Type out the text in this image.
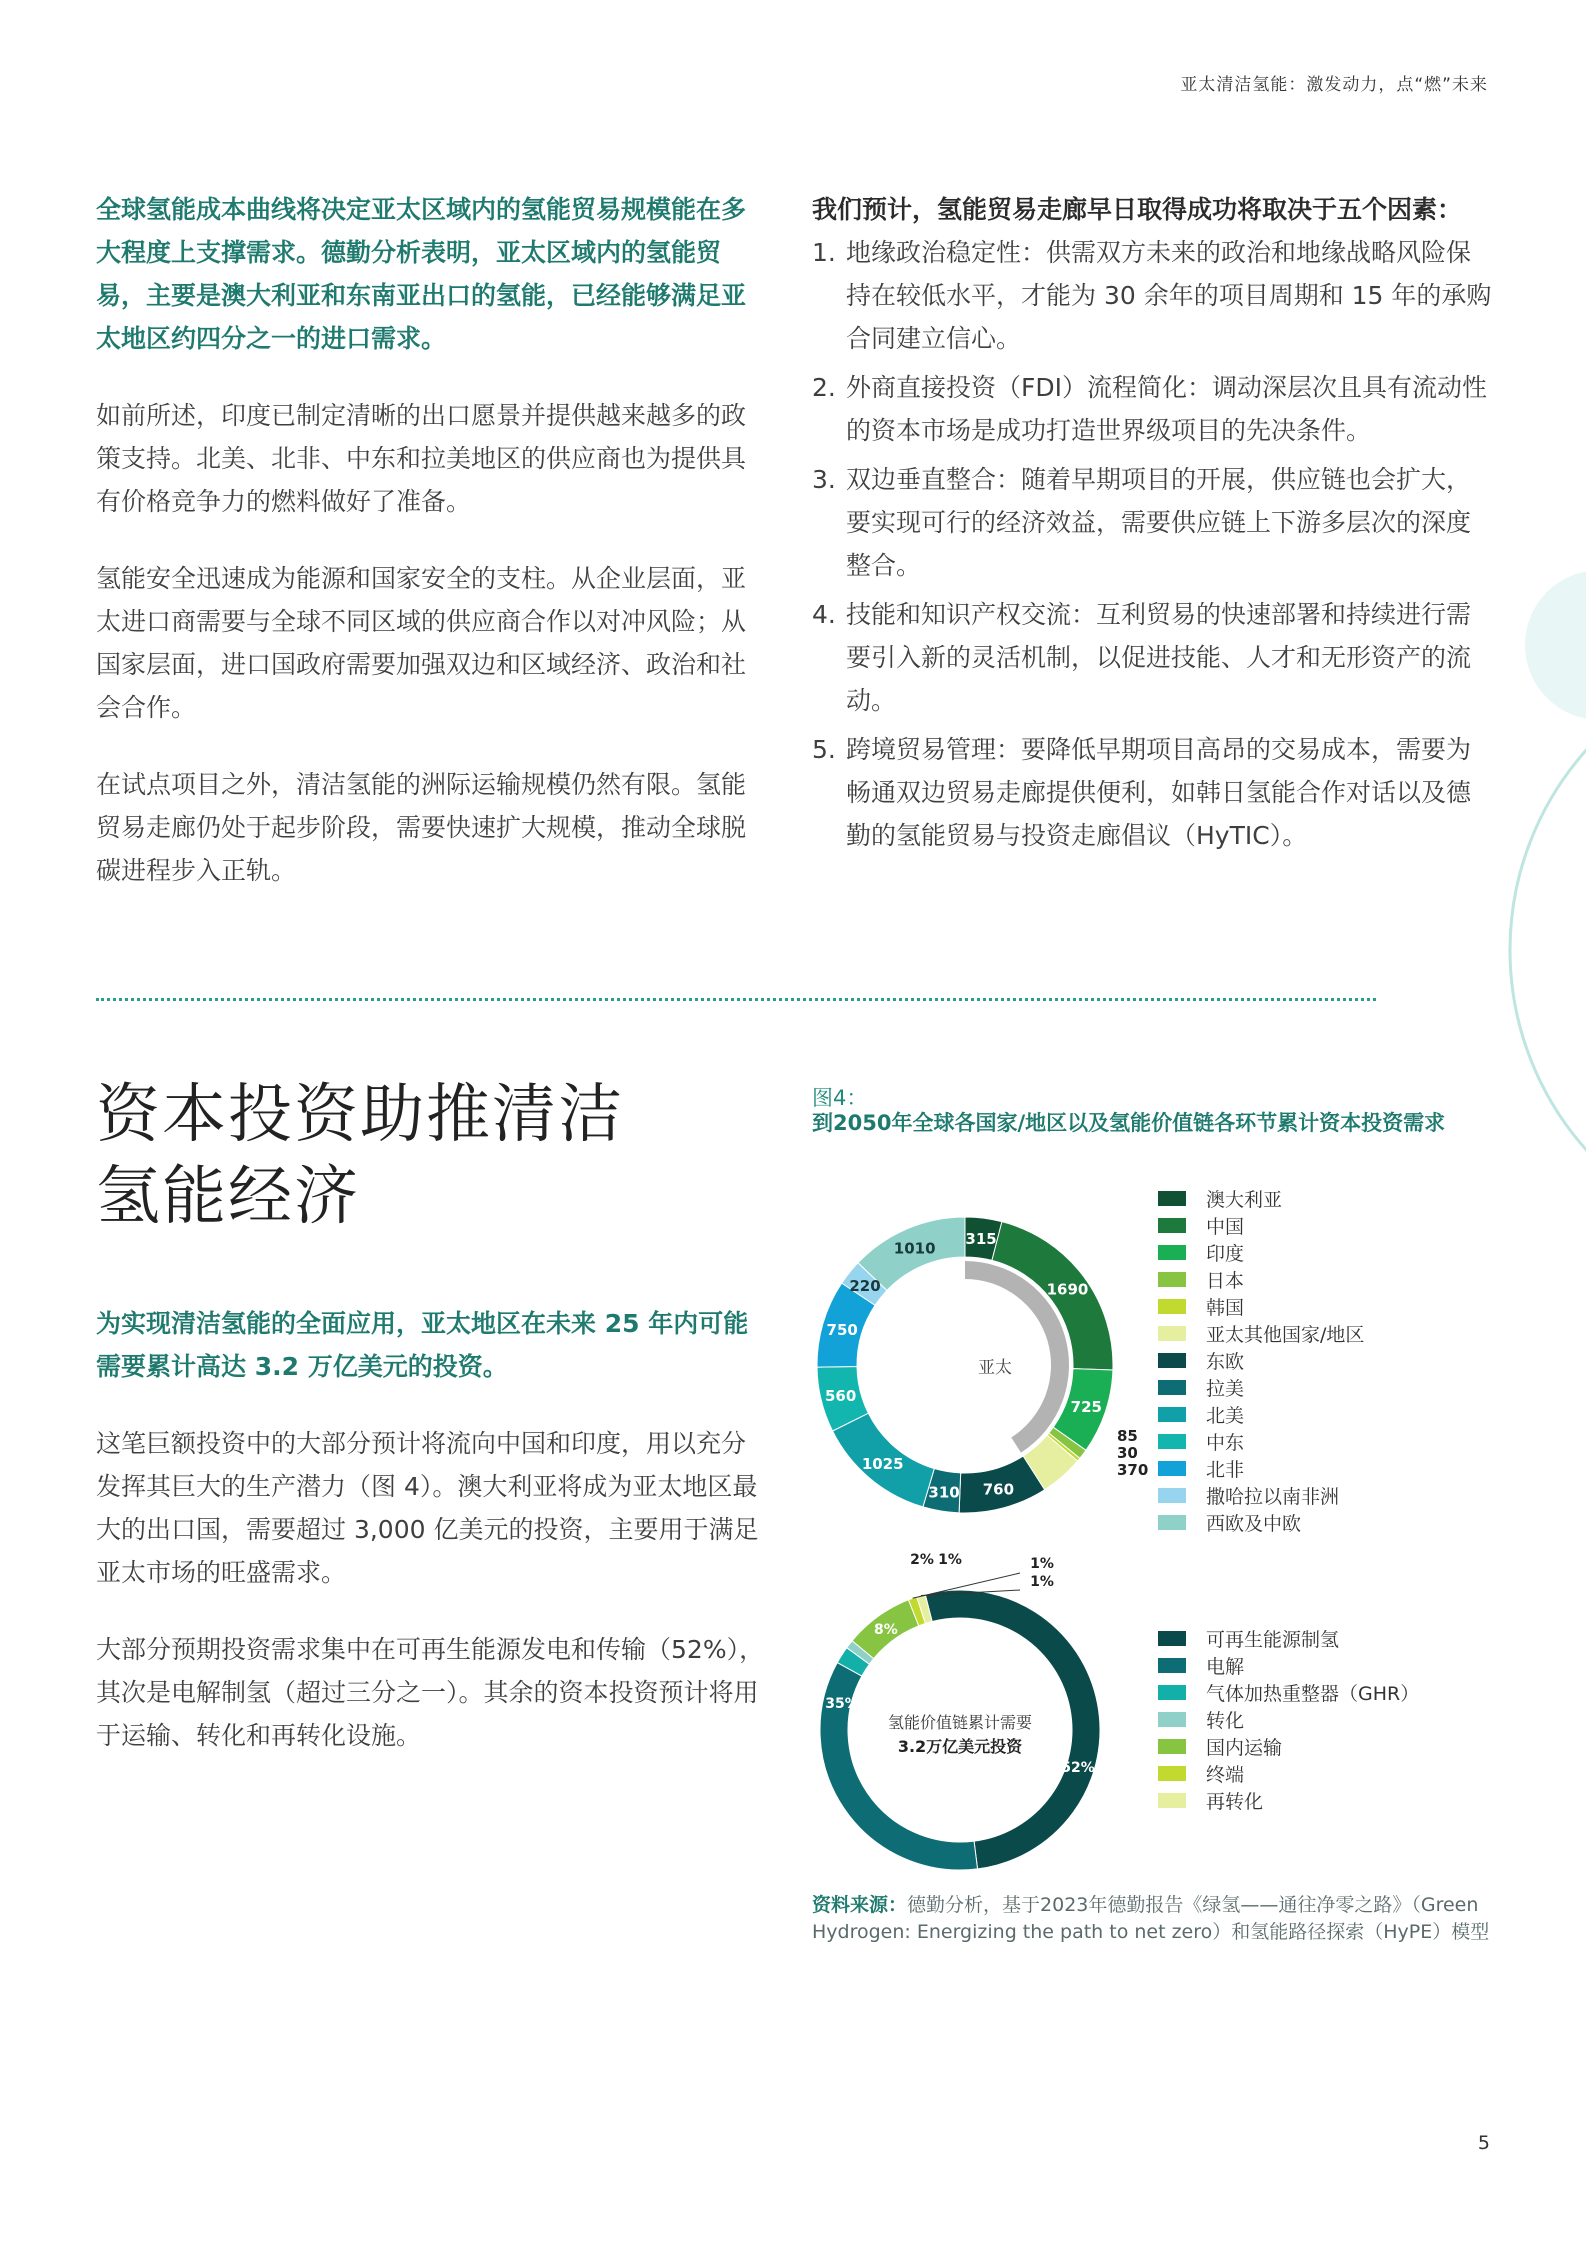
亚太清洁氢能：激发动力，点“燃”未来

全球氢能成本曲线将决定亚太区域内的氢能贸易规模能在多大程度上支撑需求。德勤分析表明，亚太区域内的氢能贸易，主要是澳大利亚和东南亚出口的氢能，已经能够满足亚太地区约四分之一的进口需求。

如前所述，印度已制定清晰的出口愿景并提供越来越多的政策支持。北美、北非、中东和拉美地区的供应商也为提供具有价格竞争力的燃料做好了准备。

氢能安全迅速成为能源和国家安全的支柱。从企业层面，亚太进口商需要与全球不同区域的供应商合作以对冲风险；从国家层面，进口国政府需要加强双边和区域经济、政治和社会合作。

在试点项目之外，清洁氢能的洲际运输规模仍然有限。氢能贸易走廊仍处于起步阶段，需要快速扩大规模，推动全球脱碳进程步入正轨。

我们预计，氢能贸易走廊早日取得成功将取决于五个因素：

1. 地缘政治稳定性：供需双方未来的政治和地缘战略风险保持在较低水平，才能为 30 余年的项目周期和 15 年的承购合同建立信心。
2. 外商直接投资（FDI）流程简化：调动深层次且具有流动性的资本市场是成功打造世界级项目的先决条件。
3. 双边垂直整合：随着早期项目的开展，供应链也会扩大，要实现可行的经济效益，需要供应链上下游多层次的深度整合。
4. 技能和知识产权交流：互利贸易的快速部署和持续进行需要引入新的灵活机制，以促进技能、人才和无形资产的流动。
5. 跨境贸易管理：要降低早期项目高昂的交易成本，需要为畅通双边贸易走廊提供便利，如韩日氢能合作对话以及德勤的氢能贸易与投资走廊倡议（HyTIC）。
资本投资助推清洁
氢能经济

为实现清洁氢能的全面应用，亚太地区在未来 25 年内可能需要累计高达 3.2 万亿美元的投资。

这笔巨额投资中的大部分预计将流向中国和印度，用以充分发挥其巨大的生产潜力（图 4）。澳大利亚将成为亚太地区最大的出口国，需要超过 3,000 亿美元的投资，主要用于满足亚太市场的旺盛需求。

大部分预期投资需求集中在可再生能源发电和传输（52%），其次是电解制氢（超过三分之一）。其余的资本投资预计将用于运输、转化和再转化设施。

图4：
到2050年全球各国家/地区以及氢能价值链各环节累计资本投资需求
亚太
315
1690
725
85
30
370
760
310
1025
560
750
220
1010
澳大利亚
中国
印度
日本
韩国
亚太其他国家/地区
东欧
拉美
北美
中东
北非
撒哈拉以南非洲
西欧及中欧
52%
35%
2% 1%
8%
1%
1%
氢能价值链累计需要
3.2万亿美元投资
可再生能源制氢
电解
气体加热重整器（GHR）
转化
国内运输
终端
再转化
资料来源：德勤分析，基于2023年德勤报告《绿氢——通往净零之路》（Green Hydrogen: Energizing the path to net zero）和氢能路径探索（HyPE）模型
5
